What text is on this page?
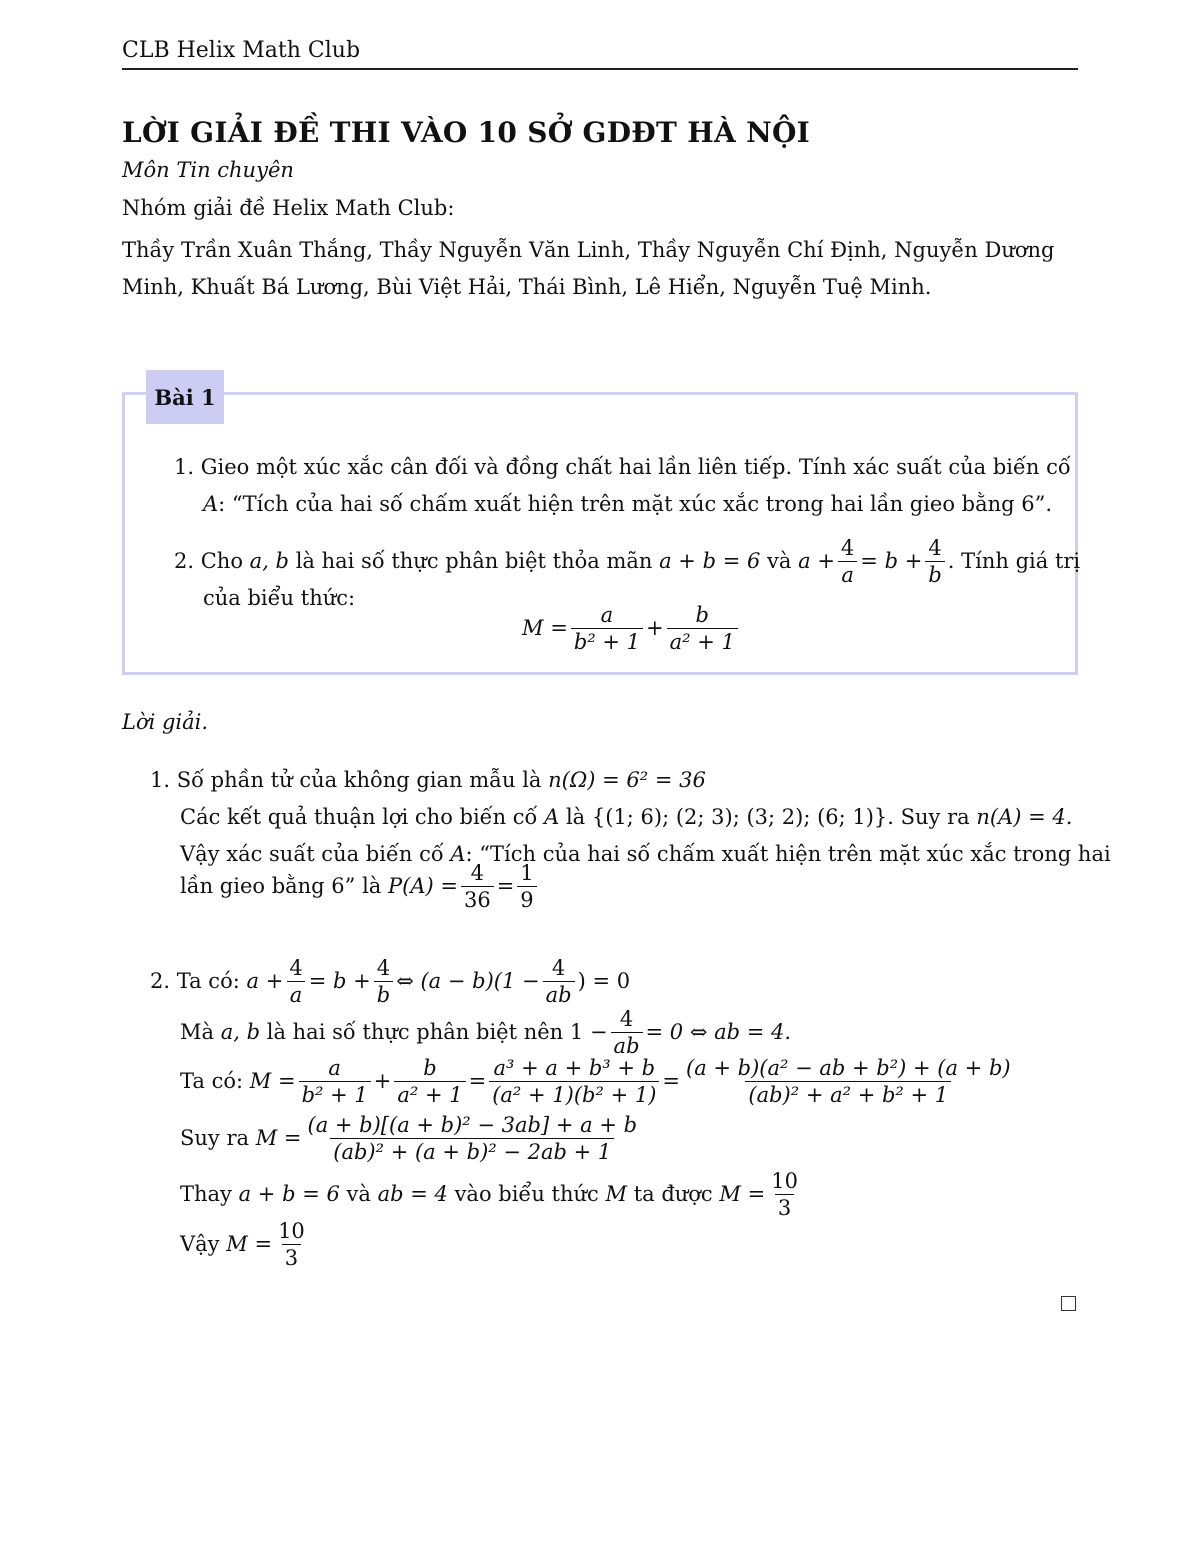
CLB Helix Math Club
LỜI GIẢI ĐỀ THI VÀO 10 SỞ GDĐT HÀ NỘI
Môn Tin chuyên
Nhóm giải đề Helix Math Club:
Thầy Trần Xuân Thắng, Thầy Nguyễn Văn Linh, Thầy Nguyễn Chí Định, Nguyễn Dương Minh, Khuất Bá Lương, Bùi Việt Hải, Thái Bình, Lê Hiển, Nguyễn Tuệ Minh.
Bài 1
1. Gieo một xúc xắc cân đối và đồng chất hai lần liên tiếp. Tính xác suất của biến cố
A: “Tích của hai số chấm xuất hiện trên mặt xúc xắc trong hai lần gieo bằng 6”.
2.
Cho
a, b
là hai số thực phân biệt thỏa mãn
a + b = 6
và
a
+ $\frac{4}{a}$ =
b
+ $\frac{4}{b}$ . Tính giá trị
của biểu thức:
M
= $\frac{a}{\text{b² + 1}} + \frac{b}{\text{a² + 1}}$
Lời giải.
1. Số phần tử của không gian mẫu là n(Ω) = 6² = 36
Các kết quả thuận lợi cho biến cố A là {(1; 6); (2; 3); (3; 2); (6; 1)}. Suy ra n(A) = 4.
Vậy xác suất của biến cố A: “Tích của hai số chấm xuất hiện trên mặt xúc xắc trong hai
lần gieo bằng 6” là
$P(A) = \frac{4}{36} = \frac{1}{9}$
2.
Ta có:
a
+ $\frac{4}{a}$ =
b
+ $\frac{4}{b}$ ⇔
$(a - b)(1 - \frac{4}{ab}$ ) = 0
Mà
a, b
là hai số thực phân biệt nên
1
− $\frac{4}{ab} = 0$ ⇔ ab = 4.
Ta có:
M
= $\frac{a}{\text{b² + 1}} + \frac{b}{\text{a² + 1}} = \frac{\text{a³ + a + b³ + b}}{\text{(a² + 1)(b² + 1)}} = \frac{\text{(a + b)(a² − ab + b²) + (a + b)}}{\text{(ab)² + a² + b² + 1}}$
Suy ra
M
= $\frac{\text{(a + b)[(a + b)² − 3ab] + a + b}}{\text{(ab)² + (a + b)² − 2ab + 1}}$
Thay
a + b = 6
và
ab = 4
vào biểu thức
M
ta được
M
= $\frac{10}{3}$
Vậy
M
= $\frac{10}{3}$
